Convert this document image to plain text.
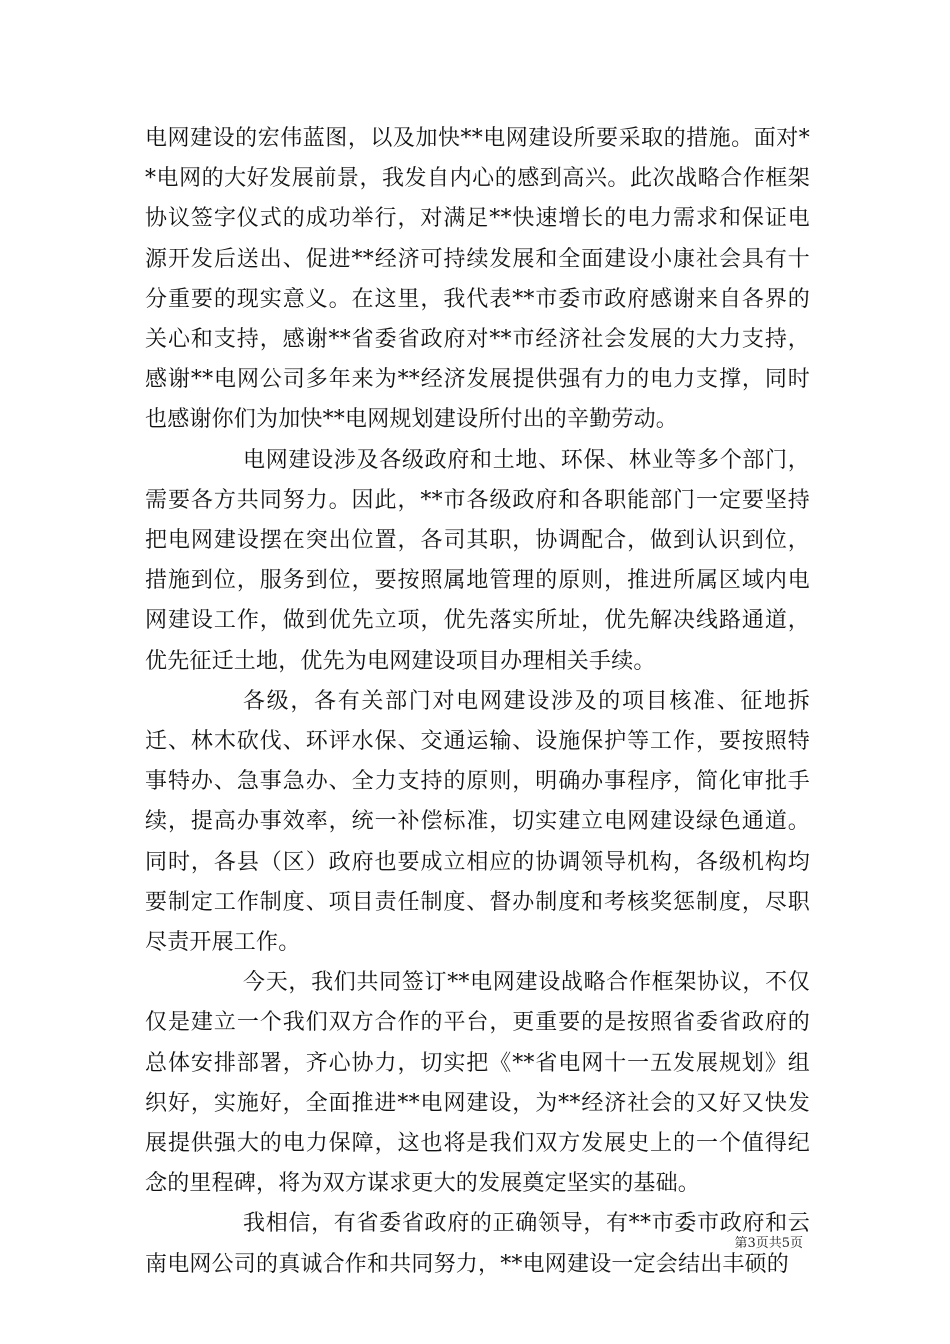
电网建设的宏伟蓝图，以及加快**电网建设所要采取的措施。面对**电网的大好发展前景，我发自内心的感到高兴。此次战略合作框架协议签字仪式的成功举行，对满足**快速增长的电力需求和保证电源开发后送出、促进**经济可持续发展和全面建设小康社会具有十分重要的现实意义。在这里，我代表**市委市政府感谢来自各界的关心和支持，感谢**省委省政府对**市经济社会发展的大力支持，感谢**电网公司多年来为**经济发展提供强有力的电力支撑，同时也感谢你们为加快**电网规划建设所付出的辛勤劳动。

电网建设涉及各级政府和土地、环保、林业等多个部门，需要各方共同努力。因此，**市各级政府和各职能部门一定要坚持把电网建设摆在突出位置，各司其职，协调配合，做到认识到位，措施到位，服务到位，要按照属地管理的原则，推进所属区域内电网建设工作，做到优先立项，优先落实所址，优先解决线路通道，优先征迁土地，优先为电网建设项目办理相关手续。

各级，各有关部门对电网建设涉及的项目核准、征地拆迁、林木砍伐、环评水保、交通运输、设施保护等工作，要按照特事特办、急事急办、全力支持的原则，明确办事程序，简化审批手续，提高办事效率，统一补偿标准，切实建立电网建设绿色通道。同时，各县（区）政府也要成立相应的协调领导机构，各级机构均要制定工作制度、项目责任制度、督办制度和考核奖惩制度，尽职尽责开展工作。

今天，我们共同签订**电网建设战略合作框架协议，不仅仅是建立一个我们双方合作的平台，更重要的是按照省委省政府的总体安排部署，齐心协力，切实把《**省电网十一五发展规划》组织好，实施好，全面推进**电网建设，为**经济社会的又好又快发展提供强大的电力保障，这也将是我们双方发展史上的一个值得纪念的里程碑，将为双方谋求更大的发展奠定坚实的基础。

我相信，有省委省政府的正确领导，有**市委市政府和云南电网公司的真诚合作和共同努力，**电网建设一定会结出丰硕的

第3页共5页
